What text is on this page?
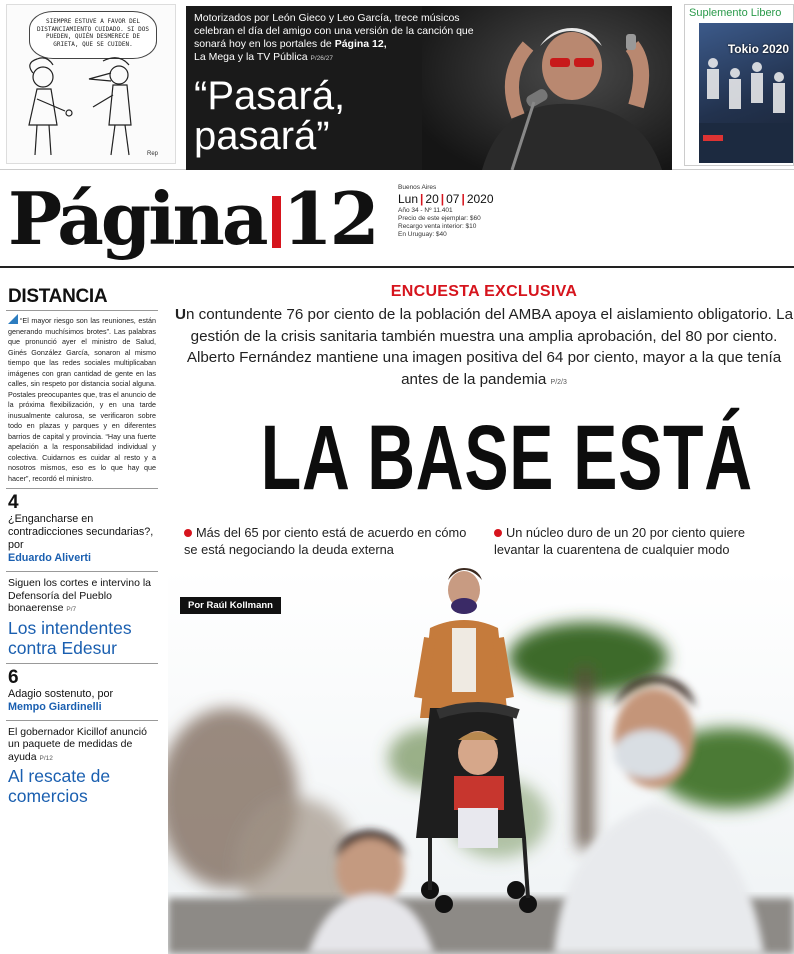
SIEMPRE ESTUVE A FAVOR DEL DISTANCIAMIENTO CUIDADO. SI DOS PUEDEN, QUIÉN DESMERECE DE GRIETA, QUE SE CUIDEN.
Rep
Motorizados por León Gieco y Leo García, trece músicos celebran el día del amigo con una versión de la canción que sonará hoy en los portales de Página 12,
La Mega y la TV Pública P/26/27
“Pasará,
pasará”
Suplemento Libero
Tokio 2020
Página 12	Buenos Aires
Lun | 20 | 07 | 2020
Año 34 - Nº 11.401
Precio de este ejemplar: $60
Recargo venta interior: $10
En Uruguay: $40
DISTANCIA
“El mayor riesgo son las reuniones, están generando muchísimos brotes”. Las palabras que pronunció ayer el ministro de Salud, Ginés González García, sonaron al mismo tiempo que las redes sociales multiplicaban imágenes con gran cantidad de gente en las calles, sin respeto por distancia social alguna. Postales preocupantes que, tras el anuncio de la próxima flexibilización, y en una tarde inusualmente calurosa, se verificaron sobre todo en plazas y parques y en diferentes barrios de capital y provincia. “Hay una fuerte apelación a la responsabilidad individual y colectiva. Cuidarnos es cuidar al resto y a nosotros mismos, eso es lo que hay que hacer”, recordó el ministro.
4
¿Engancharse en contradicciones secundarias?, por
Eduardo Aliverti
Siguen los cortes e intervino la Defensoría del Pueblo bonaerense P/7
Los intendentes contra Edesur
6
Adagio sostenuto, por
Mempo Giardinelli
El gobernador Kicillof anunció un paquete de medidas de ayuda P/12
Al rescate de comercios
ENCUESTA EXCLUSIVA
Un contundente 76 por ciento de la población del AMBA apoya el aislamiento obligatorio. La gestión de la crisis sanitaria también muestra una amplia aprobación, del 80 por ciento. Alberto Fernández mantiene una imagen positiva del 64 por ciento, mayor a la que tenía antes de la pandemia P/2/3
LA BASE ESTÁ
Más del 65 por ciento está de acuerdo en cómo se está negociando la deuda externa
Un núcleo duro de un 20 por ciento quiere levantar la cuarentena de cualquier modo
Por Raúl Kollmann
